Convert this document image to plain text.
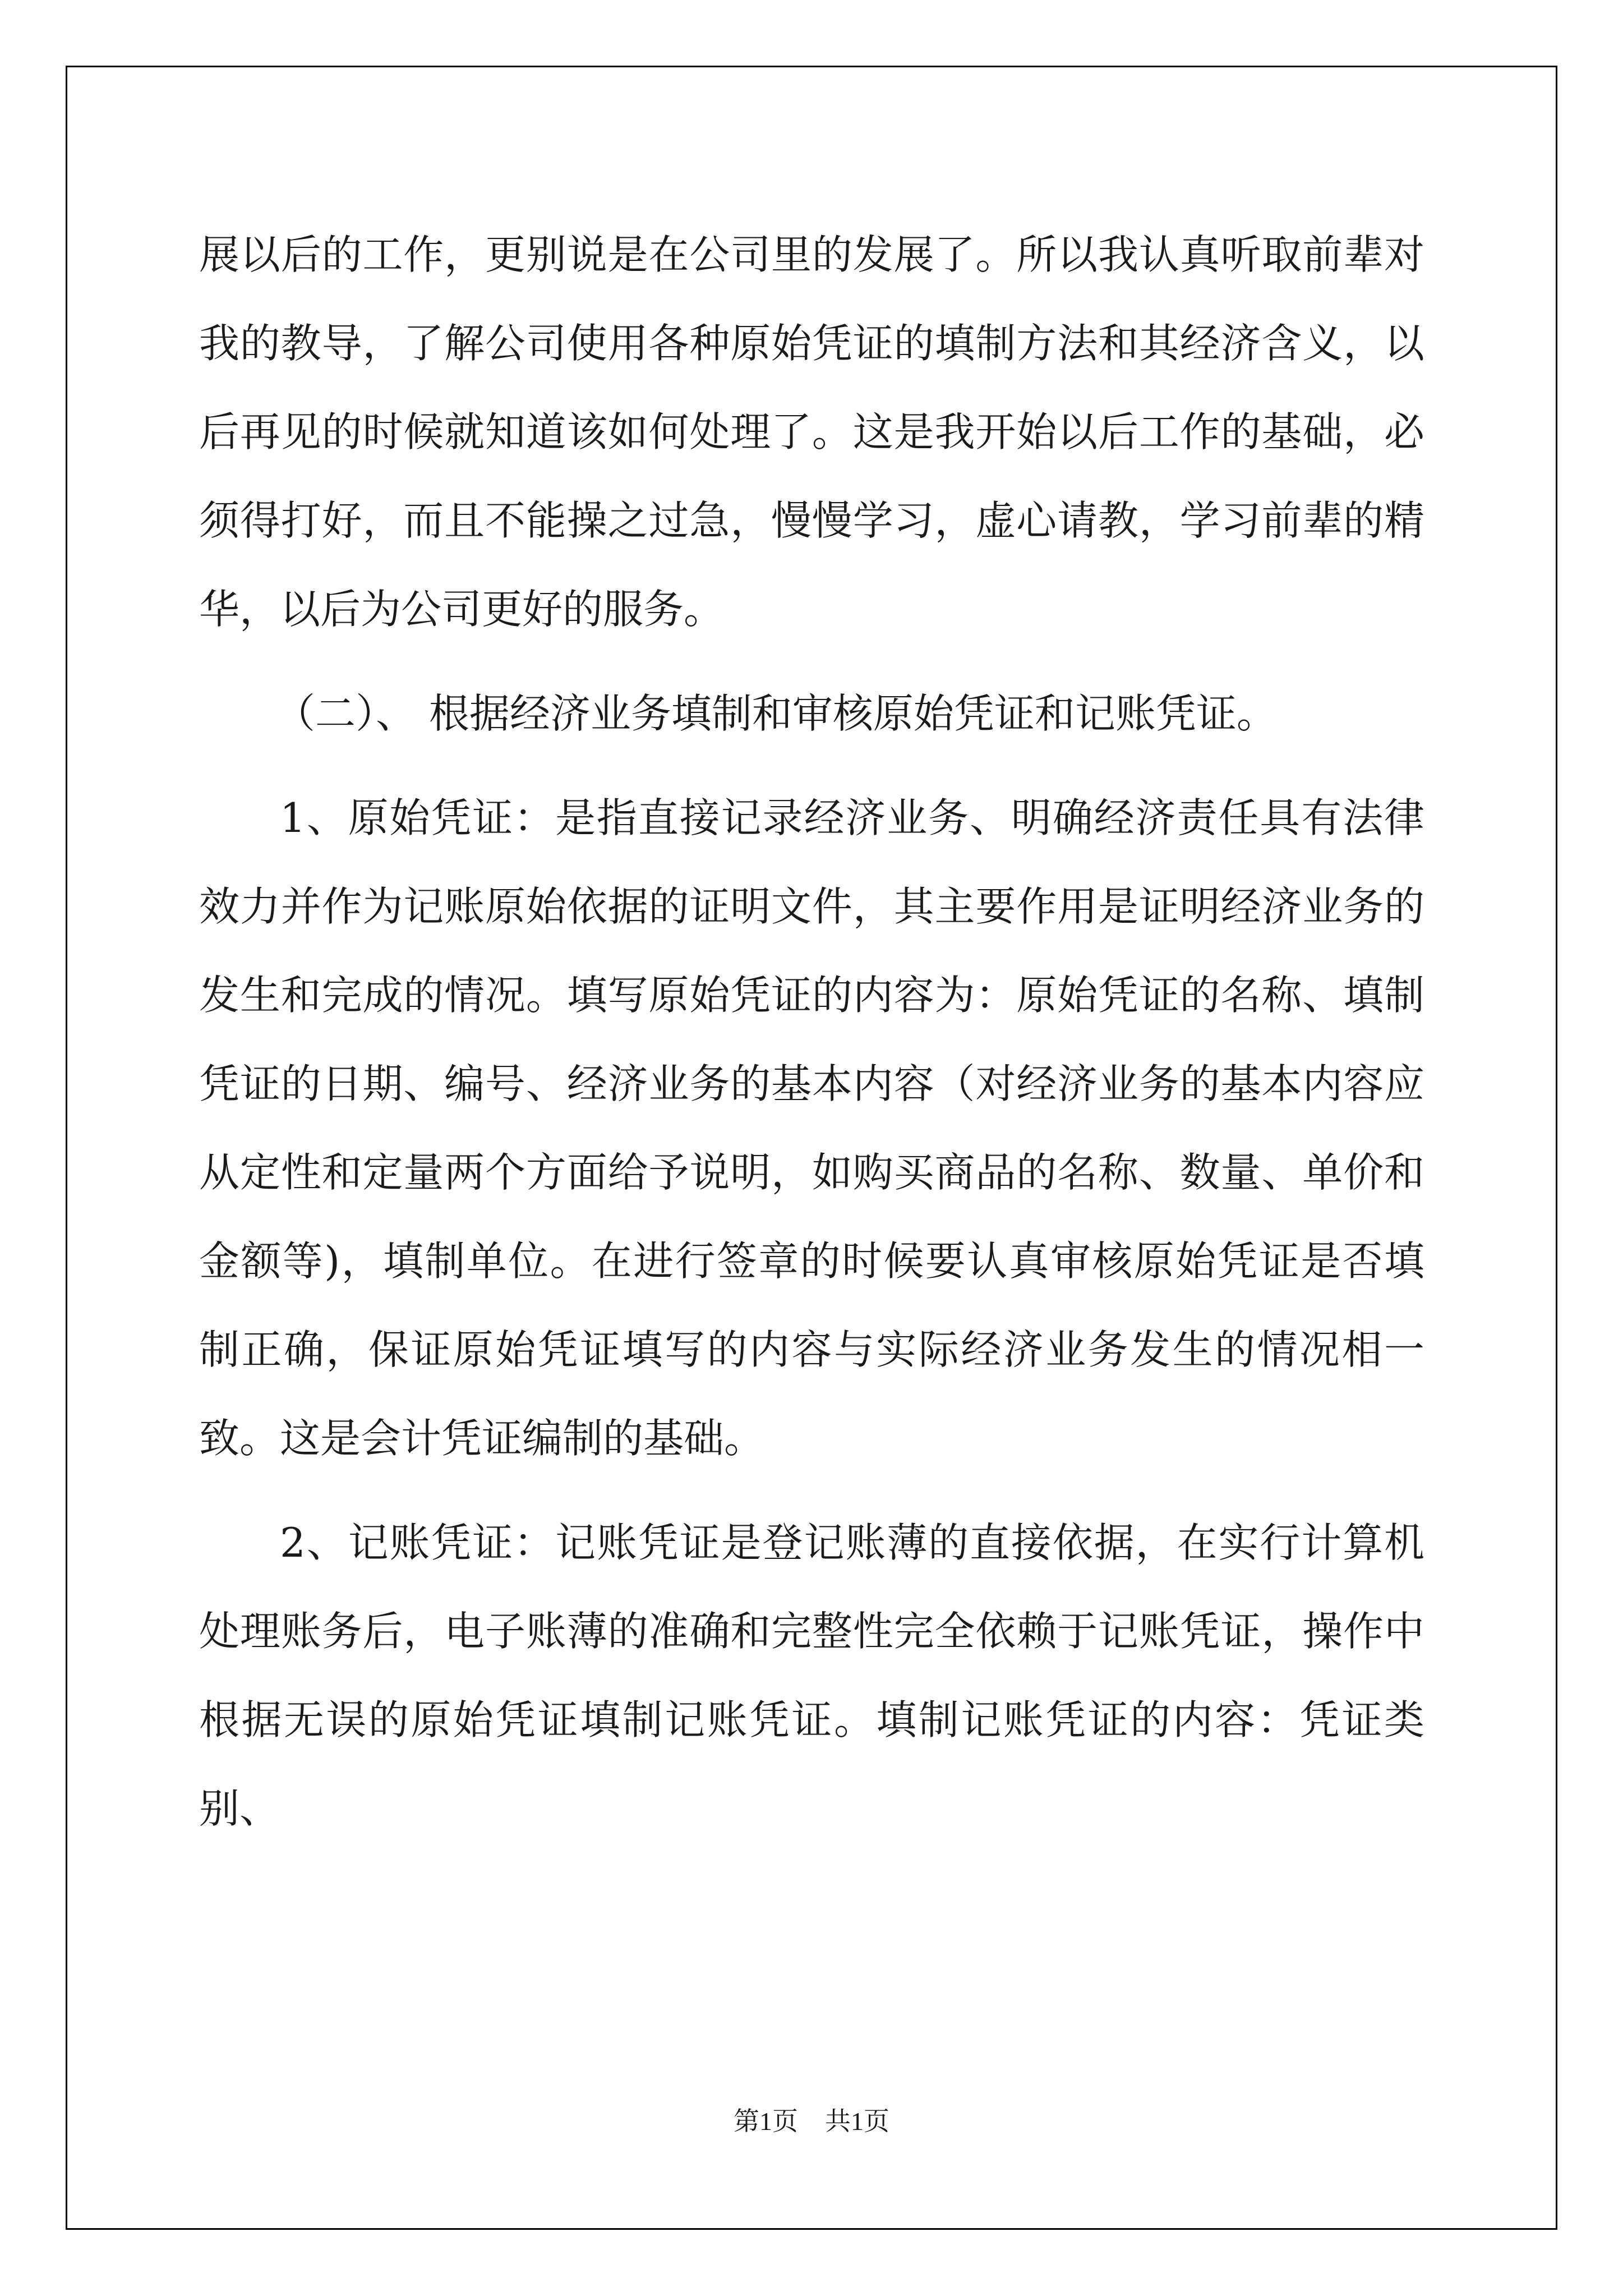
展以后的工作，更别说是在公司里的发展了。所以我认真听取前辈对我的教导，了解公司使用各种原始凭证的填制方法和其经济含义，以后再见的时候就知道该如何处理了。这是我开始以后工作的基础，必须得打好，而且不能操之过急，慢慢学习，虚心请教，学习前辈的精华，以后为公司更好的服务。

（二）、 根据经济业务填制和审核原始凭证和记账凭证。

1、原始凭证：是指直接记录经济业务、明确经济责任具有法律效力并作为记账原始依据的证明文件，其主要作用是证明经济业务的发生和完成的情况。填写原始凭证的内容为：原始凭证的名称、填制凭证的日期、编号、经济业务的基本内容（对经济业务的基本内容应从定性和定量两个方面给予说明，如购买商品的名称、数量、单价和金额等)，填制单位。在进行签章的时候要认真审核原始凭证是否填制正确，保证原始凭证填写的内容与实际经济业务发生的情况相一致。这是会计凭证编制的基础。

2、记账凭证：记账凭证是登记账薄的直接依据，在实行计算机处理账务后，电子账薄的准确和完整性完全依赖于记账凭证，操作中根据无误的原始凭证填制记账凭证。填制记账凭证的内容：凭证类别、

第1页 共1页
